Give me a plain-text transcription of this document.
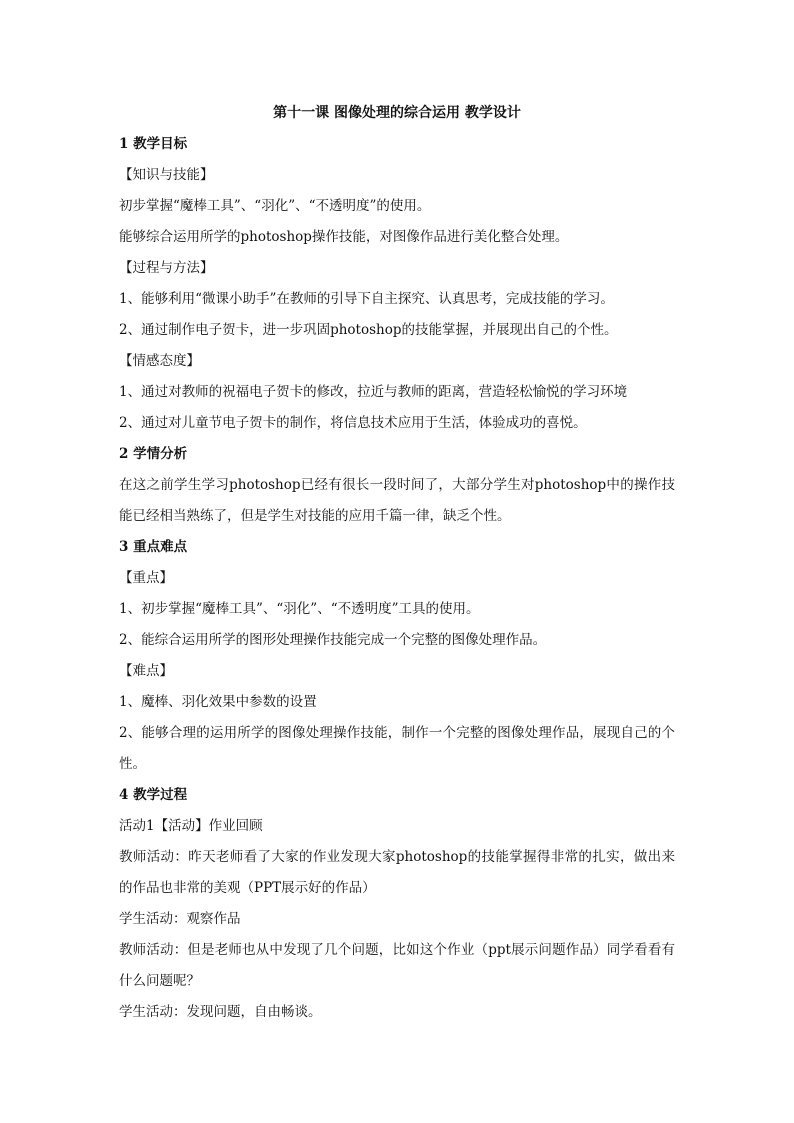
第十一课 图像处理的综合运用 教学设计
1 教学目标
【知识与技能】
初步掌握“魔棒工具”、“羽化”、“不透明度”的使用。
能够综合运用所学的photoshop操作技能，对图像作品进行美化整合处理。
【过程与方法】
1、能够利用“微课小助手”在教师的引导下自主探究、认真思考，完成技能的学习。
2、通过制作电子贺卡，进一步巩固photoshop的技能掌握，并展现出自己的个性。
【情感态度】
1、通过对教师的祝福电子贺卡的修改，拉近与教师的距离，营造轻松愉悦的学习环境
2、通过对儿童节电子贺卡的制作，将信息技术应用于生活，体验成功的喜悦。
2 学情分析
在这之前学生学习photoshop已经有很长一段时间了，大部分学生对photoshop中的操作技能已经相当熟练了，但是学生对技能的应用千篇一律，缺乏个性。
3 重点难点
【重点】
1、初步掌握“魔棒工具”、“羽化”、“不透明度”工具的使用。
2、能综合运用所学的图形处理操作技能完成一个完整的图像处理作品。
【难点】
1、魔棒、羽化效果中参数的设置
2、能够合理的运用所学的图像处理操作技能，制作一个完整的图像处理作品，展现自己的个性。
4 教学过程
活动1【活动】作业回顾
教师活动：昨天老师看了大家的作业发现大家photoshop的技能掌握得非常的扎实，做出来的作品也非常的美观（PPT展示好的作品）
学生活动：观察作品
教师活动：但是老师也从中发现了几个问题，比如这个作业（ppt展示问题作品）同学看看有什么问题呢？
学生活动：发现问题，自由畅谈。
